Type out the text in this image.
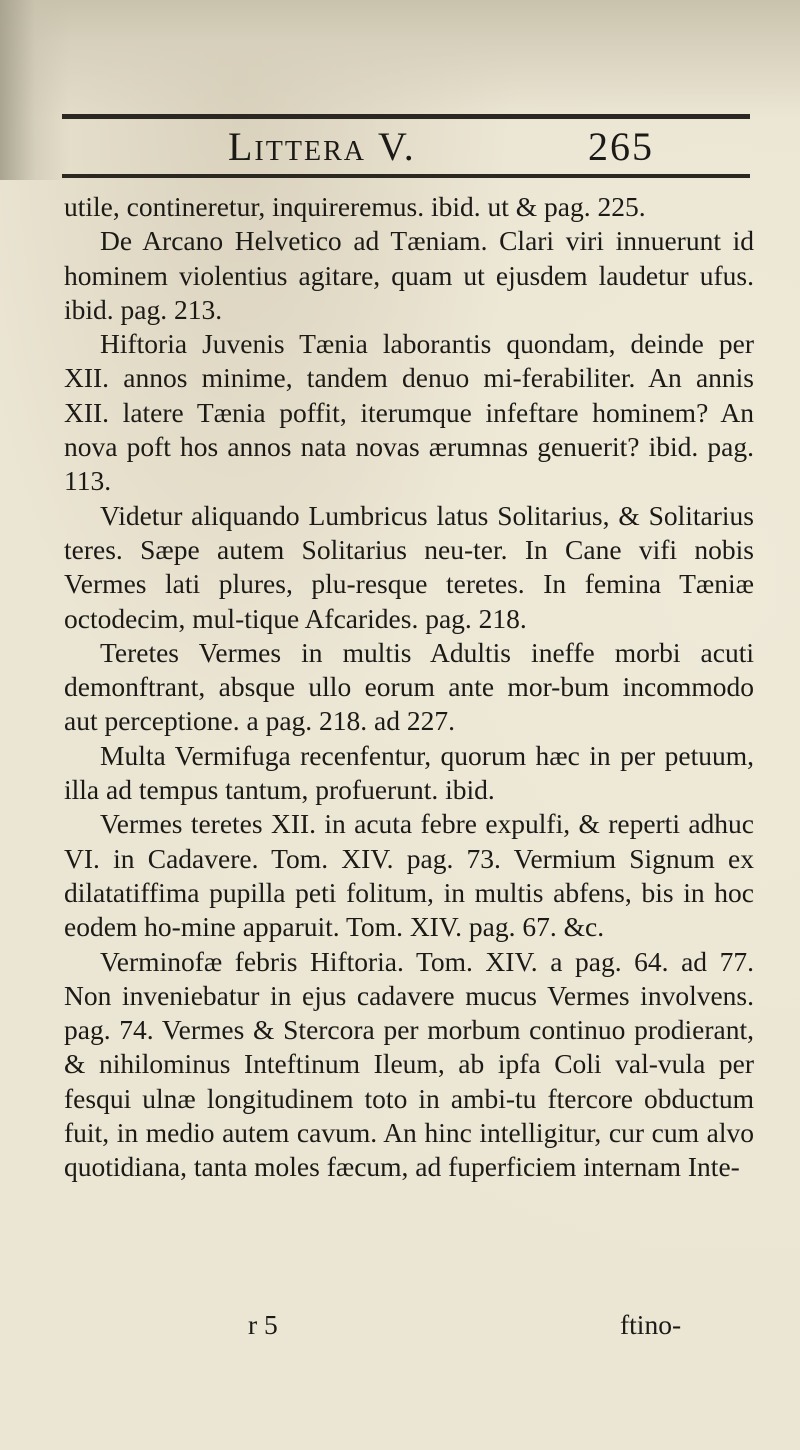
Litterа V.	265

utile, contineretur, inquireremus. ibid. ut & pag. 225.

De Arcano Helvetico ad Tæniam. Clari viri innuerunt id hominem violentius agitare, quam ut ejusdem laudetur ufus. ibid. pag. 213.

Hiftoria Juvenis Tænia laborantis quondam, deinde per XII. annos minime, tandem denuo mi-ferabiliter. An annis XII. latere Tænia poffit, iterumque infeftare hominem? An nova poft hos annos nata novas ærumnas genuerit? ibid. pag. 113.

Videtur aliquando Lumbricus latus Solitarius, & Solitarius teres. Sæpe autem Solitarius neu-ter. In Cane vifi nobis Vermes lati plures, plu-resque teretes. In femina Tæniæ octodecim, mul-tique Afcarides. pag. 218.

Teretes Vermes in multis Adultis ineffe morbi acuti demonftrant, absque ullo eorum ante mor-bum incommodo aut perceptione. a pag. 218. ad 227.

Multa Vermifuga recenfentur, quorum hæc in per petuum, illa ad tempus tantum, profuerunt. ibid.

Vermes teretes XII. in acuta febre expulfi, & reperti adhuc VI. in Cadavere. Tom. XIV. pag. 73. Vermium Signum ex dilatatiffima pupilla peti folitum, in multis abfens, bis in hoc eodem ho-mine apparuit. Tom. XIV. pag. 67. &c.

Verminofæ febris Hiftoria. Tom. XIV. a pag. 64. ad 77. Non inveniebatur in ejus cadavere mucus Vermes involvens. pag. 74. Vermes & Stercora per morbum continuo prodierant, & nihilominus Inteftinum Ileum, ab ipfa Coli val-vula per fesqui ulnæ longitudinem toto in ambi-tu ftercore obductum fuit, in medio autem cavum. An hinc intelligitur, cur cum alvo quotidiana, tanta moles fæcum, ad fuperficiem internam Inte-

r 5	ftino-
